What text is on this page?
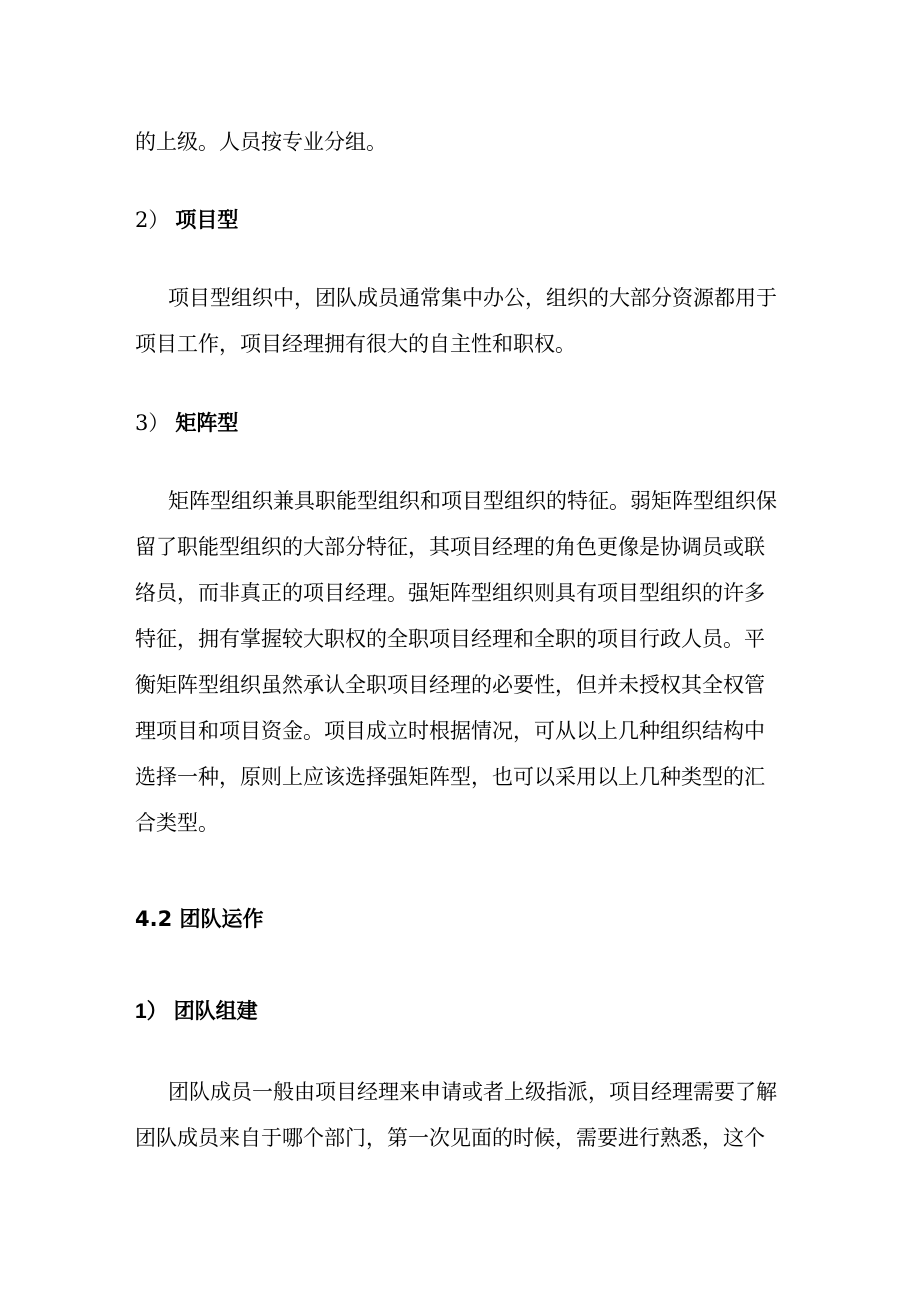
的上级。人员按专业分组。
2） 项目型
项目型组织中，团队成员通常集中办公，组织的大部分资源都用于
项目工作，项目经理拥有很大的自主性和职权。
3） 矩阵型
矩阵型组织兼具职能型组织和项目型组织的特征。弱矩阵型组织保
留了职能型组织的大部分特征，其项目经理的角色更像是协调员或联
络员，而非真正的项目经理。强矩阵型组织则具有项目型组织的许多
特征，拥有掌握较大职权的全职项目经理和全职的项目行政人员。平
衡矩阵型组织虽然承认全职项目经理的必要性，但并未授权其全权管
理项目和项目资金。项目成立时根据情况，可从以上几种组织结构中
选择一种，原则上应该选择强矩阵型，也可以采用以上几种类型的汇
合类型。
4.2 团队运作
1） 团队组建
团队成员一般由项目经理来申请或者上级指派，项目经理需要了解
团队成员来自于哪个部门，第一次见面的时候，需要进行熟悉，这个
